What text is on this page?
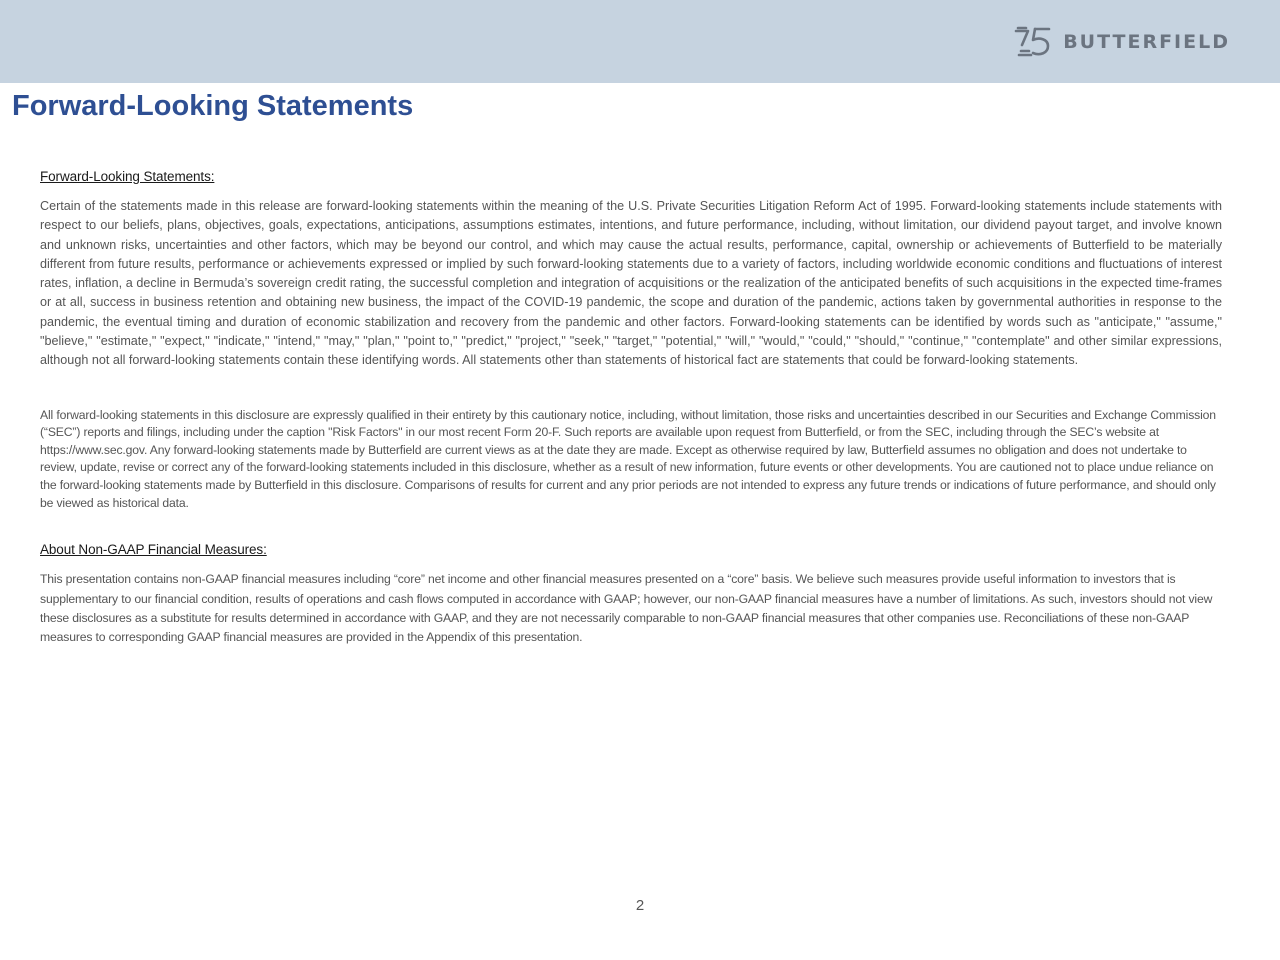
BUTTERFIELD
Forward-Looking Statements
Forward-Looking Statements:

Certain of the statements made in this release are forward-looking statements within the meaning of the U.S. Private Securities Litigation Reform Act of 1995. Forward-looking statements include statements with respect to our beliefs, plans, objectives, goals, expectations, anticipations, assumptions estimates, intentions, and future performance, including, without limitation, our dividend payout target, and involve known and unknown risks, uncertainties and other factors, which may be beyond our control, and which may cause the actual results, performance, capital, ownership or achievements of Butterfield to be materially different from future results, performance or achievements expressed or implied by such forward-looking statements due to a variety of factors, including worldwide economic conditions and fluctuations of interest rates, inflation, a decline in Bermuda’s sovereign credit rating, the successful completion and integration of acquisitions or the realization of the anticipated benefits of such acquisitions in the expected time-frames or at all, success in business retention and obtaining new business, the impact of the COVID-19 pandemic, the scope and duration of the pandemic, actions taken by governmental authorities in response to the pandemic, the eventual timing and duration of economic stabilization and recovery from the pandemic and other factors. Forward-looking statements can be identified by words such as "anticipate," "assume," "believe," "estimate," "expect," "indicate," "intend," "may," "plan," "point to," "predict," "project," "seek," "target," "potential," "will," "would," "could," "should," "continue," "contemplate" and other similar expressions, although not all forward-looking statements contain these identifying words. All statements other than statements of historical fact are statements that could be forward-looking statements.

All forward-looking statements in this disclosure are expressly qualified in their entirety by this cautionary notice, including, without limitation, those risks and uncertainties described in our Securities and Exchange Commission (“SEC”) reports and filings, including under the caption "Risk Factors" in our most recent Form 20-F. Such reports are available upon request from Butterfield, or from the SEC, including through the SEC’s website at https://www.sec.gov. Any forward-looking statements made by Butterfield are current views as at the date they are made. Except as otherwise required by law, Butterfield assumes no obligation and does not undertake to review, update, revise or correct any of the forward-looking statements included in this disclosure, whether as a result of new information, future events or other developments. You are cautioned not to place undue reliance on the forward-looking statements made by Butterfield in this disclosure. Comparisons of results for current and any prior periods are not intended to express any future trends or indications of future performance, and should only be viewed as historical data.

About Non-GAAP Financial Measures:

This presentation contains non-GAAP financial measures including “core” net income and other financial measures presented on a “core” basis. We believe such measures provide useful information to investors that is supplementary to our financial condition, results of operations and cash flows computed in accordance with GAAP; however, our non-GAAP financial measures have a number of limitations. As such, investors should not view these disclosures as a substitute for results determined in accordance with GAAP, and they are not necessarily comparable to non-GAAP financial measures that other companies use. Reconciliations of these non-GAAP measures to corresponding GAAP financial measures are provided in the Appendix of this presentation.

2
